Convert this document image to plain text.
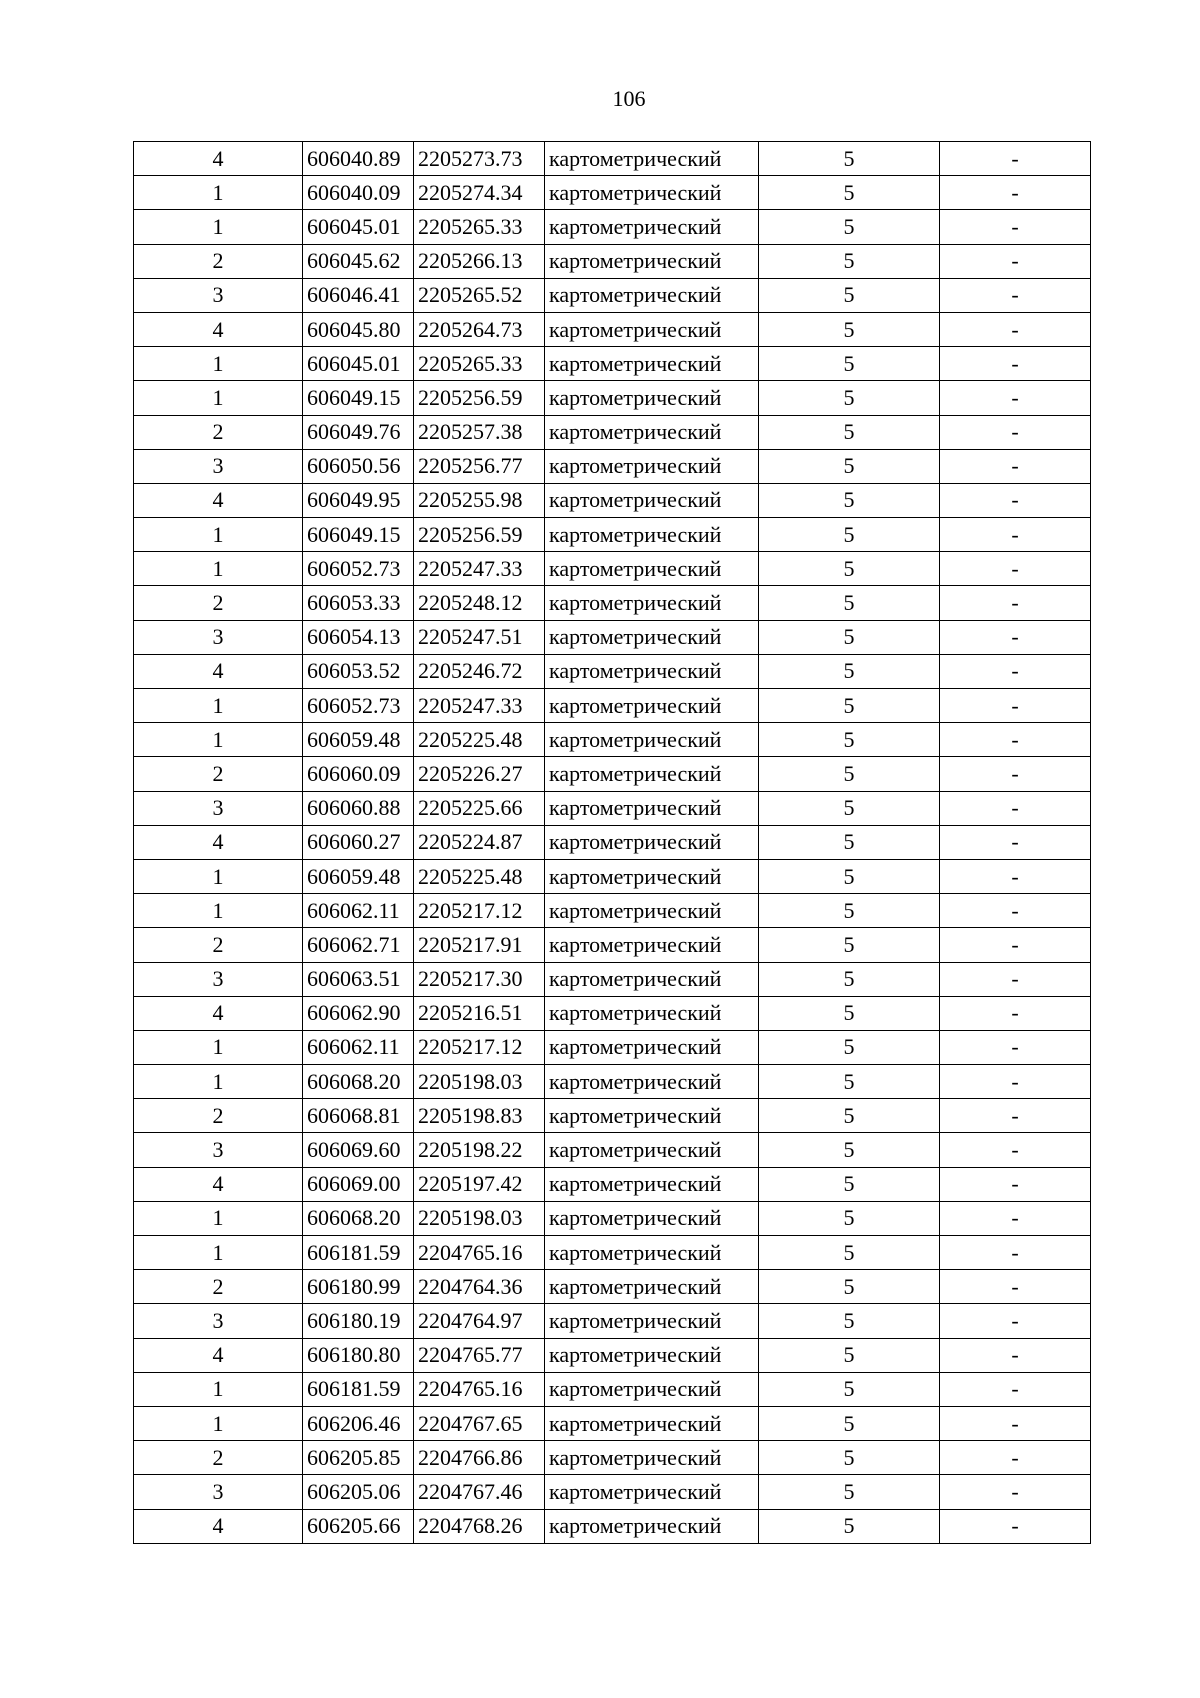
106
4	606040.89	2205273.73	картометрический	5	-
1	606040.09	2205274.34	картометрический	5	-
1	606045.01	2205265.33	картометрический	5	-
2	606045.62	2205266.13	картометрический	5	-
3	606046.41	2205265.52	картометрический	5	-
4	606045.80	2205264.73	картометрический	5	-
1	606045.01	2205265.33	картометрический	5	-
1	606049.15	2205256.59	картометрический	5	-
2	606049.76	2205257.38	картометрический	5	-
3	606050.56	2205256.77	картометрический	5	-
4	606049.95	2205255.98	картометрический	5	-
1	606049.15	2205256.59	картометрический	5	-
1	606052.73	2205247.33	картометрический	5	-
2	606053.33	2205248.12	картометрический	5	-
3	606054.13	2205247.51	картометрический	5	-
4	606053.52	2205246.72	картометрический	5	-
1	606052.73	2205247.33	картометрический	5	-
1	606059.48	2205225.48	картометрический	5	-
2	606060.09	2205226.27	картометрический	5	-
3	606060.88	2205225.66	картометрический	5	-
4	606060.27	2205224.87	картометрический	5	-
1	606059.48	2205225.48	картометрический	5	-
1	606062.11	2205217.12	картометрический	5	-
2	606062.71	2205217.91	картометрический	5	-
3	606063.51	2205217.30	картометрический	5	-
4	606062.90	2205216.51	картометрический	5	-
1	606062.11	2205217.12	картометрический	5	-
1	606068.20	2205198.03	картометрический	5	-
2	606068.81	2205198.83	картометрический	5	-
3	606069.60	2205198.22	картометрический	5	-
4	606069.00	2205197.42	картометрический	5	-
1	606068.20	2205198.03	картометрический	5	-
1	606181.59	2204765.16	картометрический	5	-
2	606180.99	2204764.36	картометрический	5	-
3	606180.19	2204764.97	картометрический	5	-
4	606180.80	2204765.77	картометрический	5	-
1	606181.59	2204765.16	картометрический	5	-
1	606206.46	2204767.65	картометрический	5	-
2	606205.85	2204766.86	картометрический	5	-
3	606205.06	2204767.46	картометрический	5	-
4	606205.66	2204768.26	картометрический	5	-
